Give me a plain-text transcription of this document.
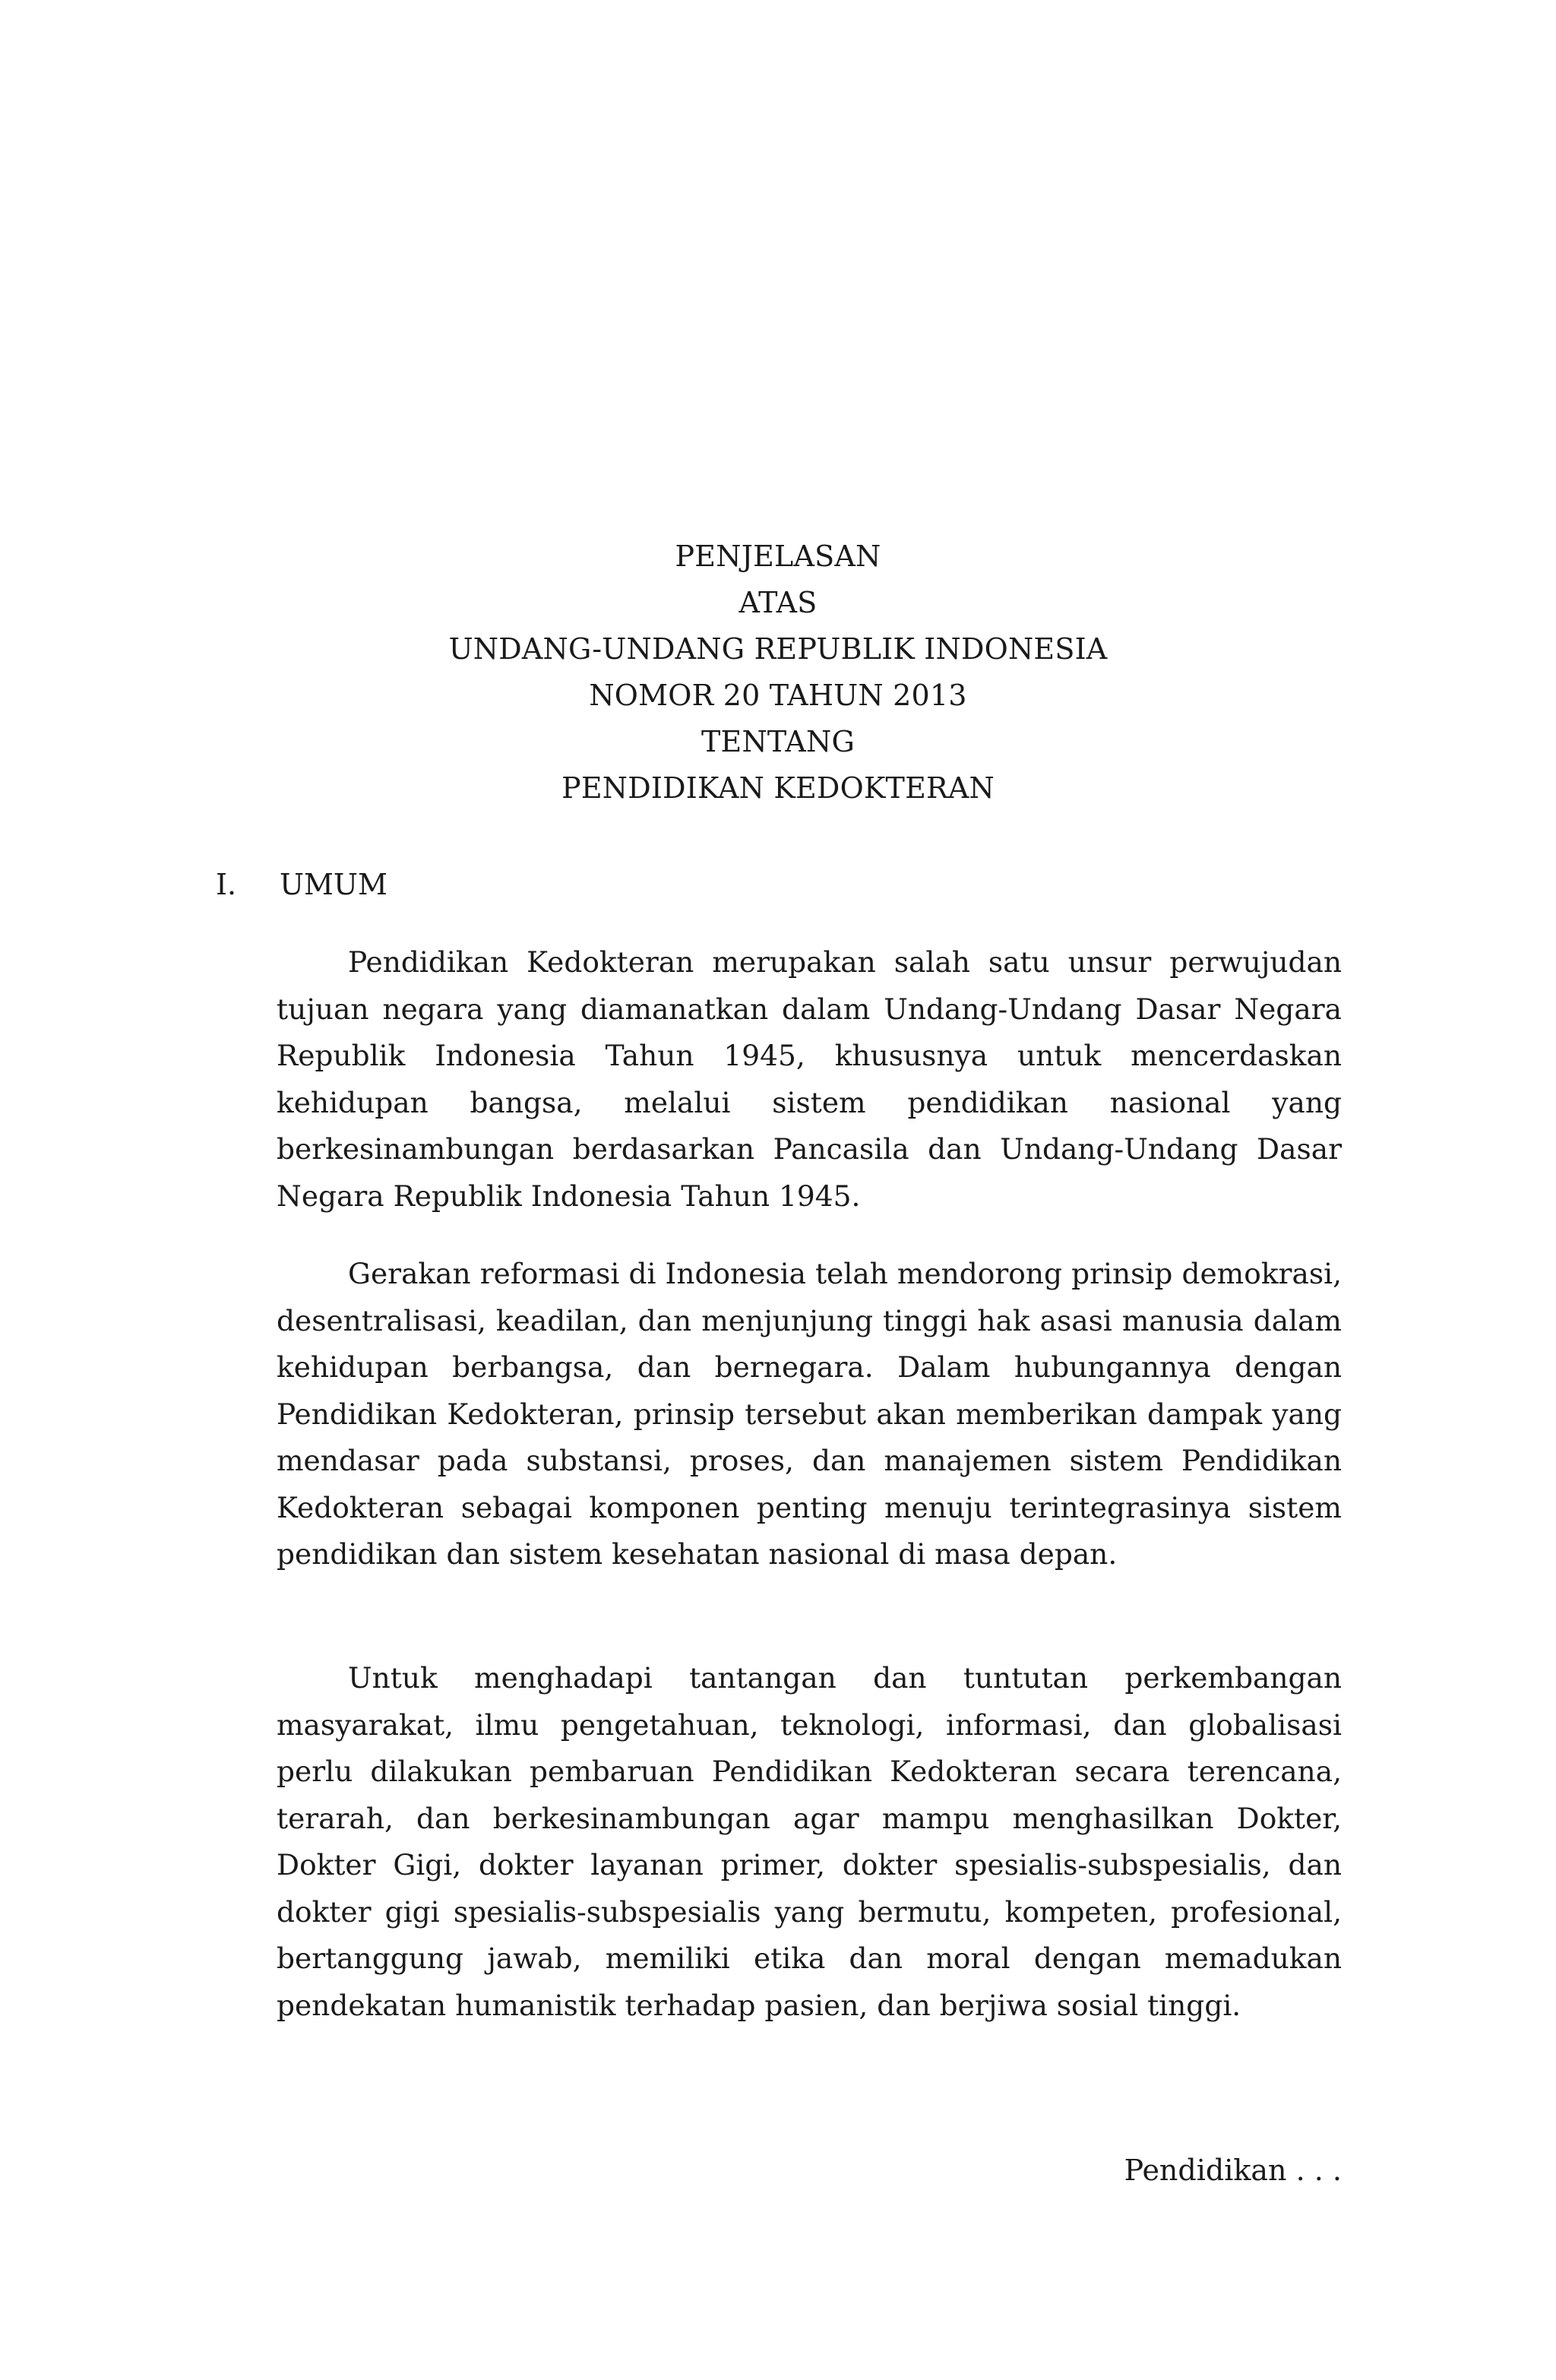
PENJELASAN
ATAS
UNDANG-UNDANG REPUBLIK INDONESIA
NOMOR 20 TAHUN 2013
TENTANG
PENDIDIKAN KEDOKTERAN
I. UMUM

Pendidikan Kedokteran merupakan salah satu unsur perwujudan tujuan negara yang diamanatkan dalam Undang-Undang Dasar Negara Republik Indonesia Tahun 1945, khususnya untuk mencerdaskan kehidupan bangsa, melalui sistem pendidikan nasional yang berkesinambungan berdasarkan Pancasila dan Undang-Undang Dasar Negara Republik Indonesia Tahun 1945.

Gerakan reformasi di Indonesia telah mendorong prinsip demokrasi, desentralisasi, keadilan, dan menjunjung tinggi hak asasi manusia dalam kehidupan berbangsa, dan bernegara. Dalam hubungannya dengan Pendidikan Kedokteran, prinsip tersebut akan memberikan dampak yang mendasar pada substansi, proses, dan manajemen sistem Pendidikan Kedokteran sebagai komponen penting menuju terintegrasinya sistem pendidikan dan sistem kesehatan nasional di masa depan.

Untuk menghadapi tantangan dan tuntutan perkembangan masyarakat, ilmu pengetahuan, teknologi, informasi, dan globalisasi perlu dilakukan pembaruan Pendidikan Kedokteran secara terencana, terarah, dan berkesinambungan agar mampu menghasilkan Dokter, Dokter Gigi, dokter layanan primer, dokter spesialis-subspesialis, dan dokter gigi spesialis-subspesialis yang bermutu, kompeten, profesional, bertanggung jawab, memiliki etika dan moral dengan memadukan pendekatan humanistik terhadap pasien, dan berjiwa sosial tinggi.

Pendidikan . . .
